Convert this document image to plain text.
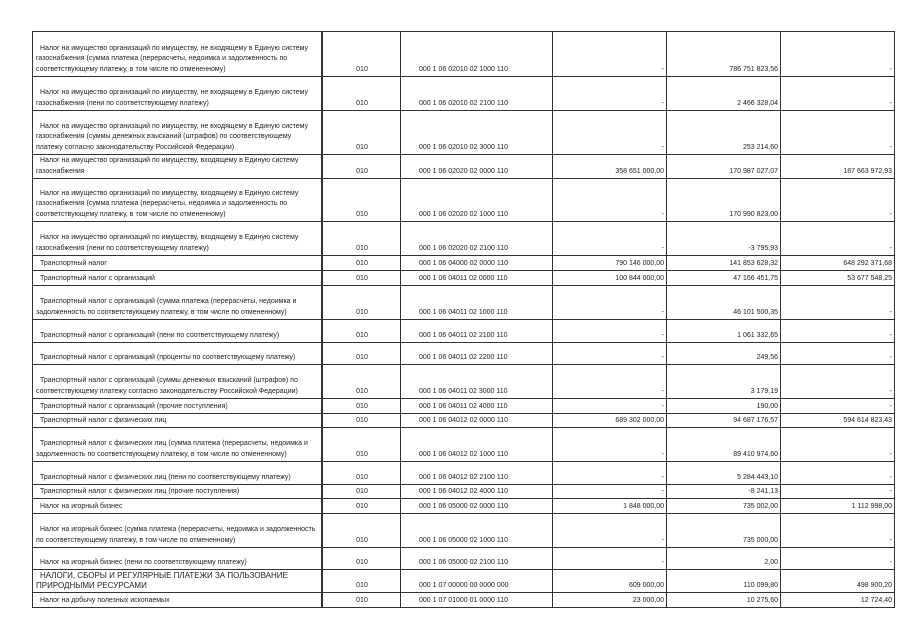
Налог на имущество организаций по имуществу, не входящему в Единую систему газоснабжения (сумма платежа (перерасчеты, недоимка и задолженность по соответствующему платежу, в том числе по отмененному)	010	000 1 06 02010 02 1000 110	-	786 751 823,56	-
Налог на имущество организаций по имуществу, не входящему в Единую систему газоснабжения (пени по соответствующему платежу)	010	000 1 06 02010 02 2100 110	-	2 466 328,04	-
Налог на имущество организаций по имуществу, не входящему в Единую систему газоснабжения (суммы денежных взысканий (штрафов) по соответствующему платежу согласно законодательству Российской Федерации)	010	000 1 06 02010 02 3000 110	-	253 214,60	-
Налог на имущество организаций по имуществу, входящему в Единую систему газоснабжения	010	000 1 06 02020 02 0000 110	358 651 000,00	170 987 027,07	187 663 972,93
Налог на имущество организаций по имуществу, входящему в Единую систему газоснабжения (сумма платежа (перерасчеты, недоимка и задолженность по соответствующему платежу, в том числе по отмененному)	010	000 1 06 02020 02 1000 110	-	170 990 823,00	-
Налог на имущество организаций по имуществу, входящему в Единую систему газоснабжения (пени по соответствующему платежу)	010	000 1 06 02020 02 2100 110	-	-3 795,93	-
Транспортный налог	010	000 1 06 04000 02 0000 110	790 146 000,00	141 853 628,32	648 292 371,68
Транспортный налог с организаций	010	000 1 06 04011 02 0000 110	100 844 000,00	47 166 451,75	53 677 548,25
Транспортный налог с организаций (сумма платежа (перерасчеты, недоимка и задолженность по соответствующему платежу, в том числе по отмененному)	010	000 1 06 04011 02 1000 110	-	46 101 500,35	-
Транспортный налог с организаций (пени по соответствующему платежу)	010	000 1 06 04011 02 2100 110	-	1 061 332,65	-
Транспортный налог с организаций (проценты по соответствующему платежу)	010	000 1 06 04011 02 2200 110	-	249,56	-
Транспортный налог с организаций (суммы денежных взысканий (штрафов) по соответствующему платежу согласно законодательству Российской Федерации)	010	000 1 06 04011 02 3000 110	-	3 179,19	-
Транспортный налог с организаций (прочие поступления)	010	000 1 06 04011 02 4000 110	-	190,00	-
Транспортный налог с физических лиц	010	000 1 06 04012 02 0000 110	689 302 000,00	94 687 176,57	594 614 823,43
Транспортный налог с физических лиц (сумма платежа (перерасчеты, недоимка и задолженность по соответствующему платежу, в том числе по отмененному)	010	000 1 06 04012 02 1000 110	-	89 410 974,60	-
Транспортный налог с физических лиц (пени по соответствующему платежу)	010	000 1 06 04012 02 2100 110	-	5 284 443,10	-
Транспортный налог с физических лиц (прочие поступления)	010	000 1 06 04012 02 4000 110	-	-8 241,13	-
Налог на игорный бизнес	010	000 1 06 05000 02 0000 110	1 848 000,00	735 002,00	1 112 998,00
Налог на игорный бизнес (сумма платежа (перерасчеты, недоимка и задолженность по соответствующему платежу, в том числе по отмененному)	010	000 1 06 05000 02 1000 110	-	735 000,00	-
Налог на игорный бизнес (пени по соответствующему платежу)	010	000 1 06 05000 02 2100 110	-	2,00	-
НАЛОГИ, СБОРЫ И РЕГУЛЯРНЫЕ ПЛАТЕЖИ ЗА ПОЛЬЗОВАНИЕ ПРИРОДНЫМИ РЕСУРСАМИ	010	000 1 07 00000 00 0000 000	609 000,00	110 099,80	498 900,20
Налог на добычу полезных ископаемых	010	000 1 07 01000 01 0000 110	23 000,00	10 275,60	12 724,40
